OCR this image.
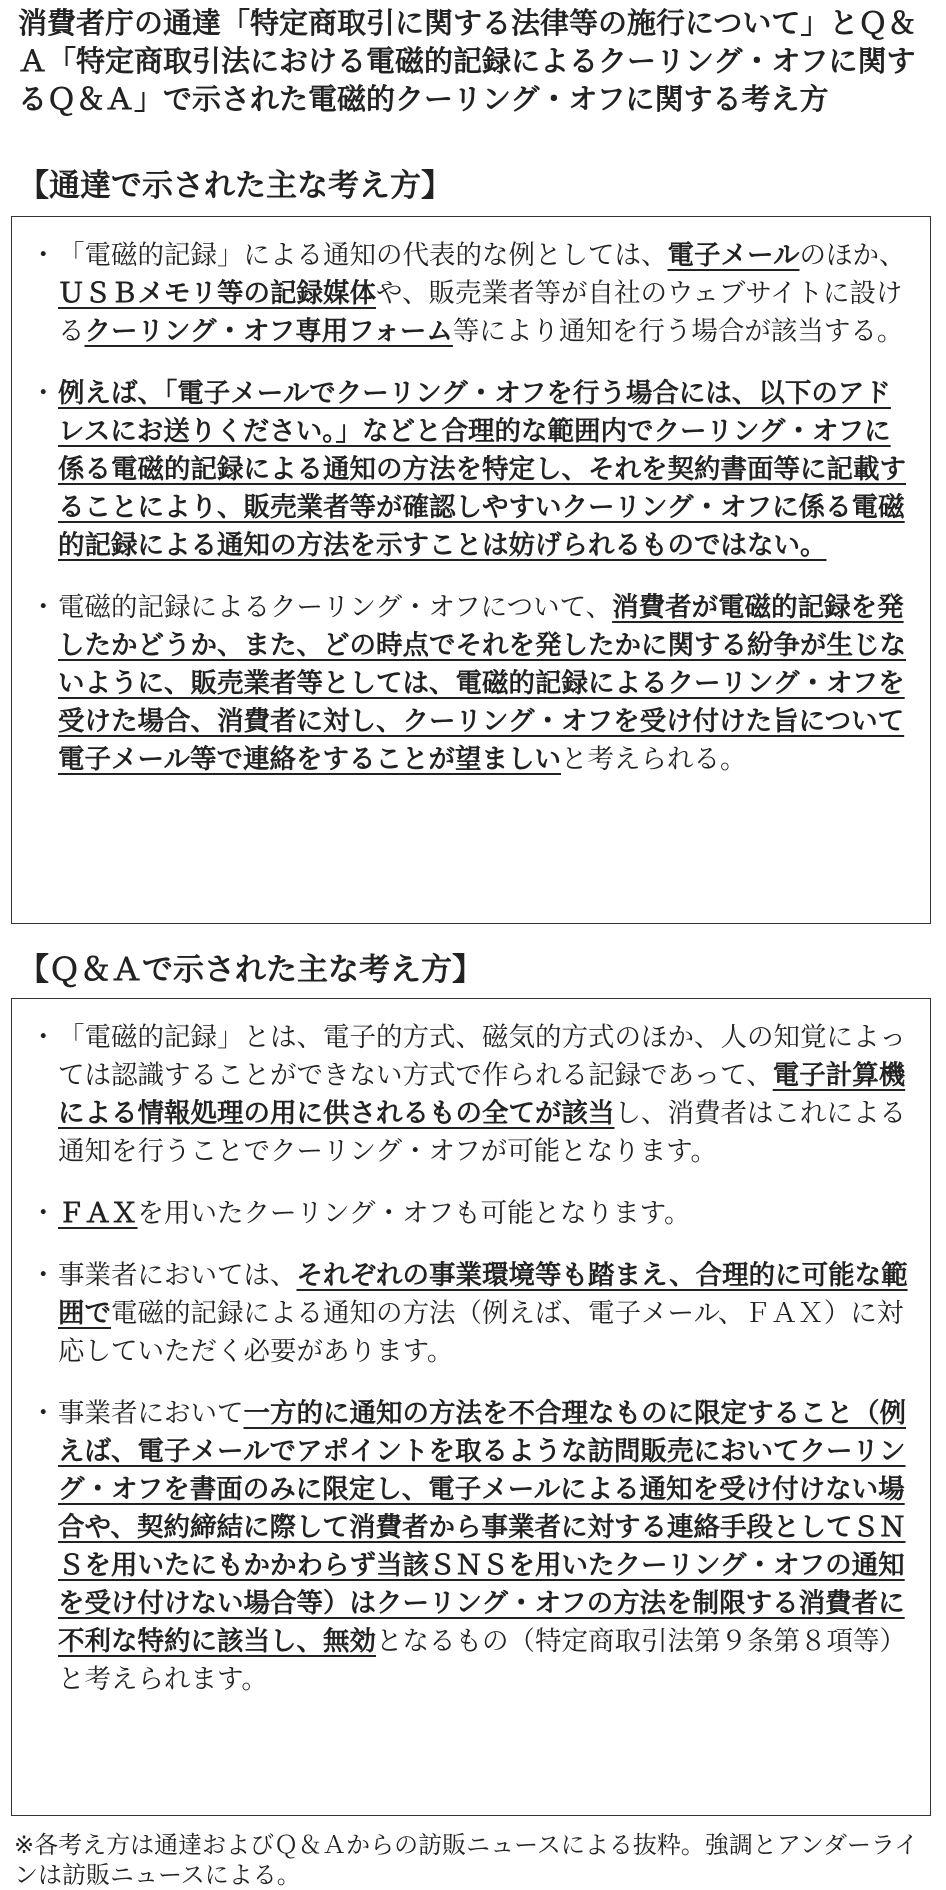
消費者庁の通達「特定商取引に関する法律等の施行について」とＱ＆Ａ「特定商取引法における電磁的記録によるクーリング・オフに関するＱ＆Ａ」で示された電磁的クーリング・オフに関する考え方
【通達で示された主な考え方】
・ 「電磁的記録」による通知の代表的な例としては、電子メールのほか、ＵＳＢメモリ等の記録媒体や、販売業者等が自社のウェブサイトに設けるクーリング・オフ専用フォーム等により通知を行う場合が該当する。
・ 例えば、「電子メールでクーリング・オフを行う場合には、以下のアドレスにお送りください。」などと合理的な範囲内でクーリング・オフに係る電磁的記録による通知の方法を特定し、それを契約書面等に記載することにより、販売業者等が確認しやすいクーリング・オフに係る電磁的記録による通知の方法を示すことは妨げられるものではない。
・ 電磁的記録によるクーリング・オフについて、消費者が電磁的記録を発したかどうか、また、どの時点でそれを発したかに関する紛争が生じないように、販売業者等としては、電磁的記録によるクーリング・オフを受けた場合、消費者に対し、クーリング・オフを受け付けた旨について電子メール等で連絡をすることが望ましいと考えられる。
【Ｑ＆Ａで示された主な考え方】
・ 「電磁的記録」とは、電子的方式、磁気的方式のほか、人の知覚によっては認識することができない方式で作られる記録であって、電子計算機による情報処理の用に供されるもの全てが該当し、消費者はこれによる通知を行うことでクーリング・オフが可能となります。
・ ＦＡＸを用いたクーリング・オフも可能となります。
・ 事業者においては、それぞれの事業環境等も踏まえ、合理的に可能な範囲で電磁的記録による通知の方法（例えば、電子メール、ＦＡＸ）に対応していただく必要があります。
・ 事業者において一方的に通知の方法を不合理なものに限定すること（例えば、電子メールでアポイントを取るような訪問販売においてクーリング・オフを書面のみに限定し、電子メールによる通知を受け付けない場合や、契約締結に際して消費者から事業者に対する連絡手段としてＳＮＳを用いたにもかかわらず当該ＳＮＳを用いたクーリング・オフの通知を受け付けない場合等）はクーリング・オフの方法を制限する消費者に不利な特約に該当し、無効となるもの（特定商取引法第９条第８項等）と考えられます。
※各考え方は通達およびＱ＆Ａからの訪販ニュースによる抜粋。強調とアンダーラインは訪販ニュースによる。
